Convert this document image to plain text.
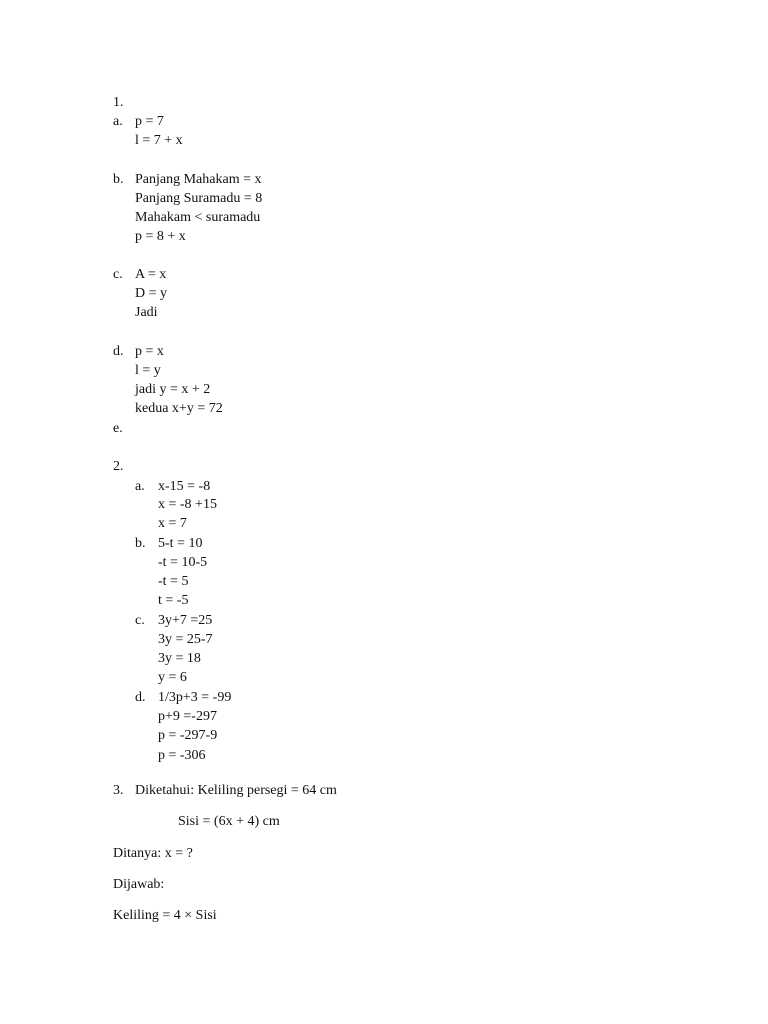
1.
a. p = 7
l = 7 + x
b. Panjang Mahakam = x
Panjang Suramadu = 8
Mahakam < suramadu
p = 8 + x
c. A = x
D = y
Jadi
d. p = x
l = y
jadi y = x + 2
kedua x+y = 72
e.
2.
a. x-15 = -8
x = -8 +15
x = 7
b. 5-t = 10
-t = 10-5
-t = 5
t = -5
c. 3y+7 =25
3y = 25-7
3y = 18
y = 6
d. 1/3p+3 = -99
p+9 =-297
p = -297-9
p = -306
3. Diketahui: Keliling persegi = 64 cm
Sisi = (6x + 4) cm
Ditanya: x = ?
Dijawab:
Keliling = 4 × Sisi
